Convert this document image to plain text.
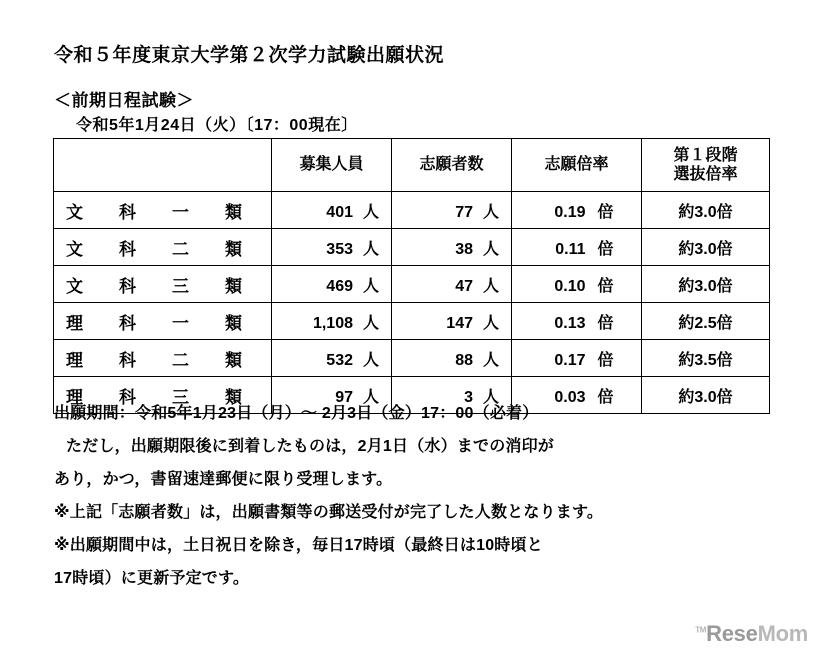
令和５年度東京大学第２次学力試験出願状況
＜前期日程試験＞
令和5年1月24日（火）〔17：00現在〕
	募集人員	志願者数	志願倍率	第１段階
選抜倍率

文 科 一 類	401 人	77 人	0.19 倍	約3.0倍

文 科 二 類	353 人	38 人	0.11 倍	約3.0倍

文 科 三 類	469 人	47 人	0.10 倍	約3.0倍

理 科 一 類	1,108 人	147 人	0.13 倍	約2.5倍

理 科 二 類	532 人	88 人	0.17 倍	約3.5倍

理 科 三 類	97 人	3 人	0.03 倍	約3.0倍

出願期間：令和5年1月23日（月）〜 2月3日（金）17：00（必着）

ただし，出願期限後に到着したものは，2月1日（水）までの消印が

あり，かつ，書留速達郵便に限り受理します。

※上記「志願者数」は，出願書類等の郵送受付が完了した人数となります。

※出願期間中は，土日祝日を除き，毎日17時頃（最終日は10時頃と

17時頃）に更新予定です。

™ReseMom
